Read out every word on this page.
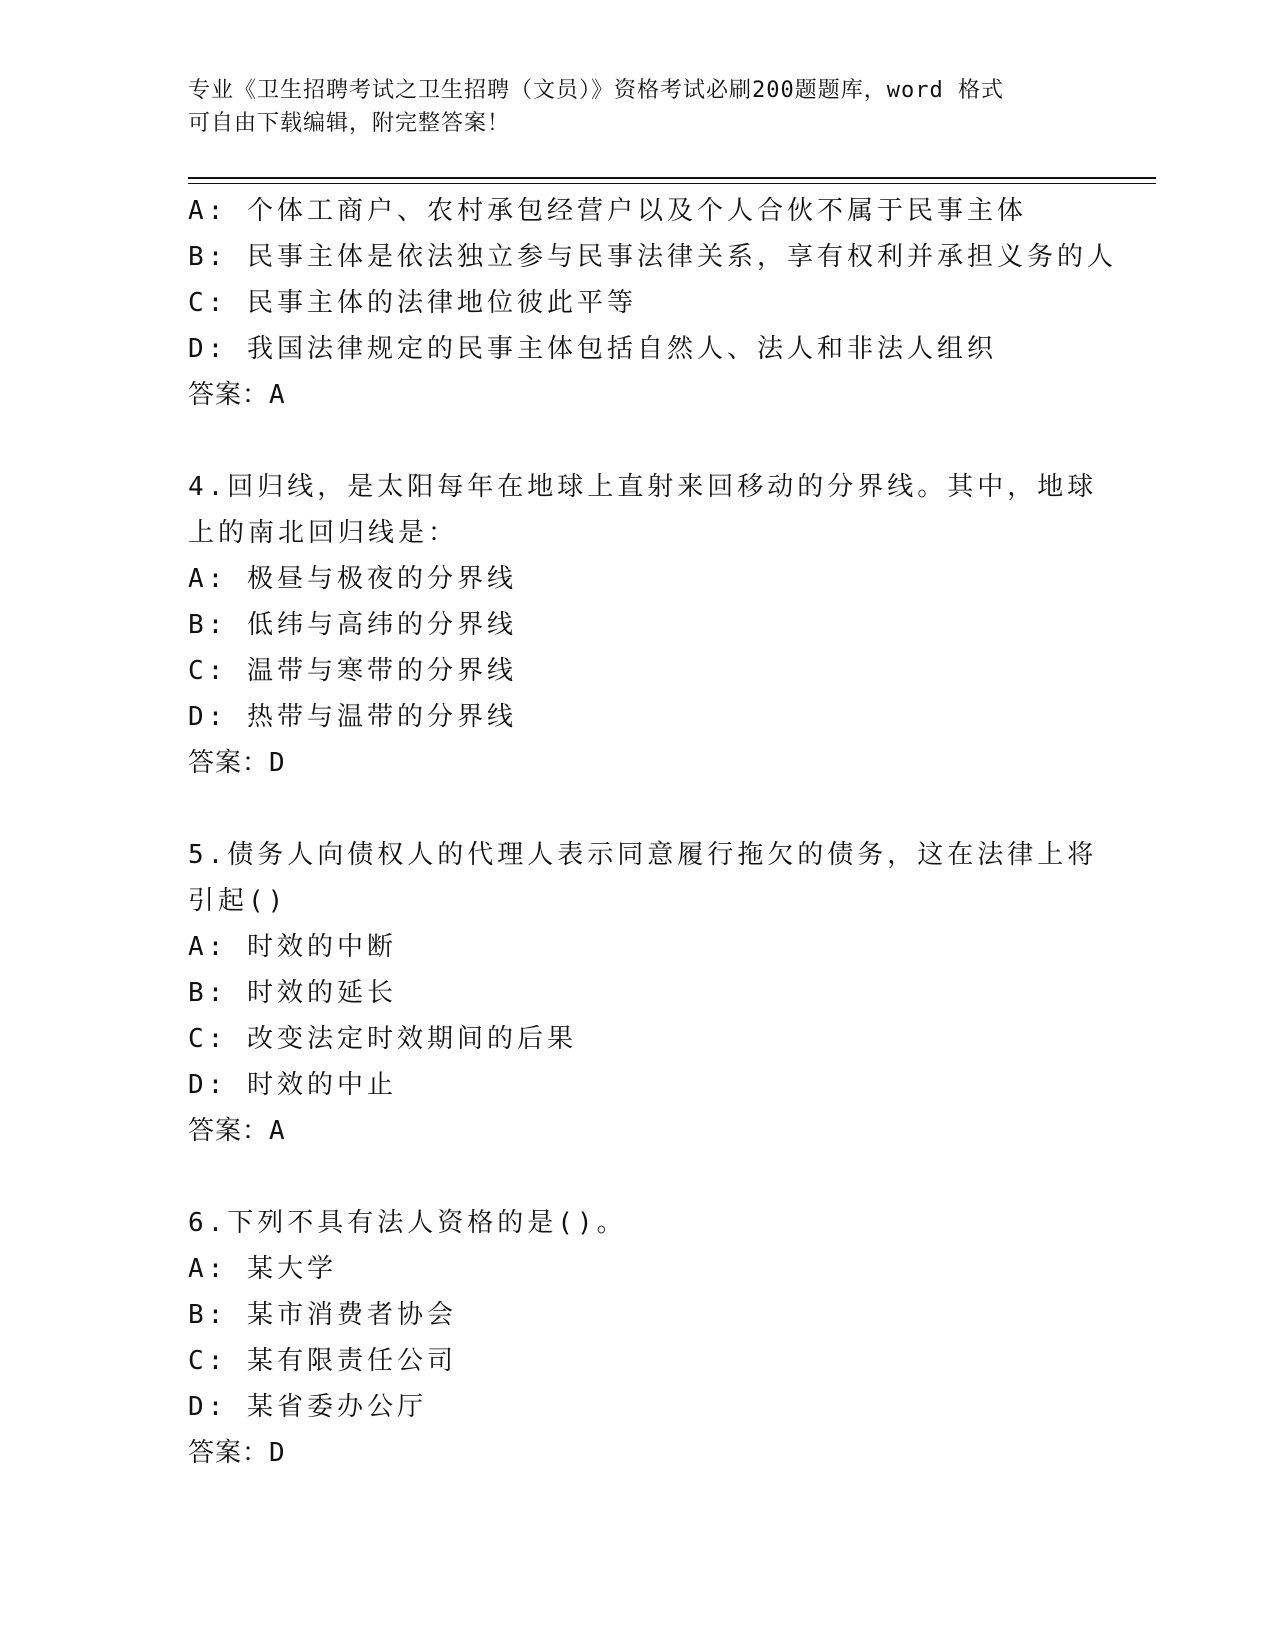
专业《卫生招聘考试之卫生招聘（文员）》资格考试必刷200题题库，word 格式
可自由下载编辑，附完整答案！
A: 个体工商户、农村承包经营户以及个人合伙不属于民事主体
B: 民事主体是依法独立参与民事法律关系，享有权利并承担义务的人
C: 民事主体的法律地位彼此平等
D: 我国法律规定的民事主体包括自然人、法人和非法人组织
答案：A
4.回归线，是太阳每年在地球上直射来回移动的分界线。其中，地球
上的南北回归线是：
A: 极昼与极夜的分界线
B: 低纬与高纬的分界线
C: 温带与寒带的分界线
D: 热带与温带的分界线
答案：D
5.债务人向债权人的代理人表示同意履行拖欠的债务，这在法律上将
引起()
A: 时效的中断
B: 时效的延长
C: 改变法定时效期间的后果
D: 时效的中止
答案：A
6.下列不具有法人资格的是()。
A: 某大学
B: 某市消费者协会
C: 某有限责任公司
D: 某省委办公厅
答案：D
